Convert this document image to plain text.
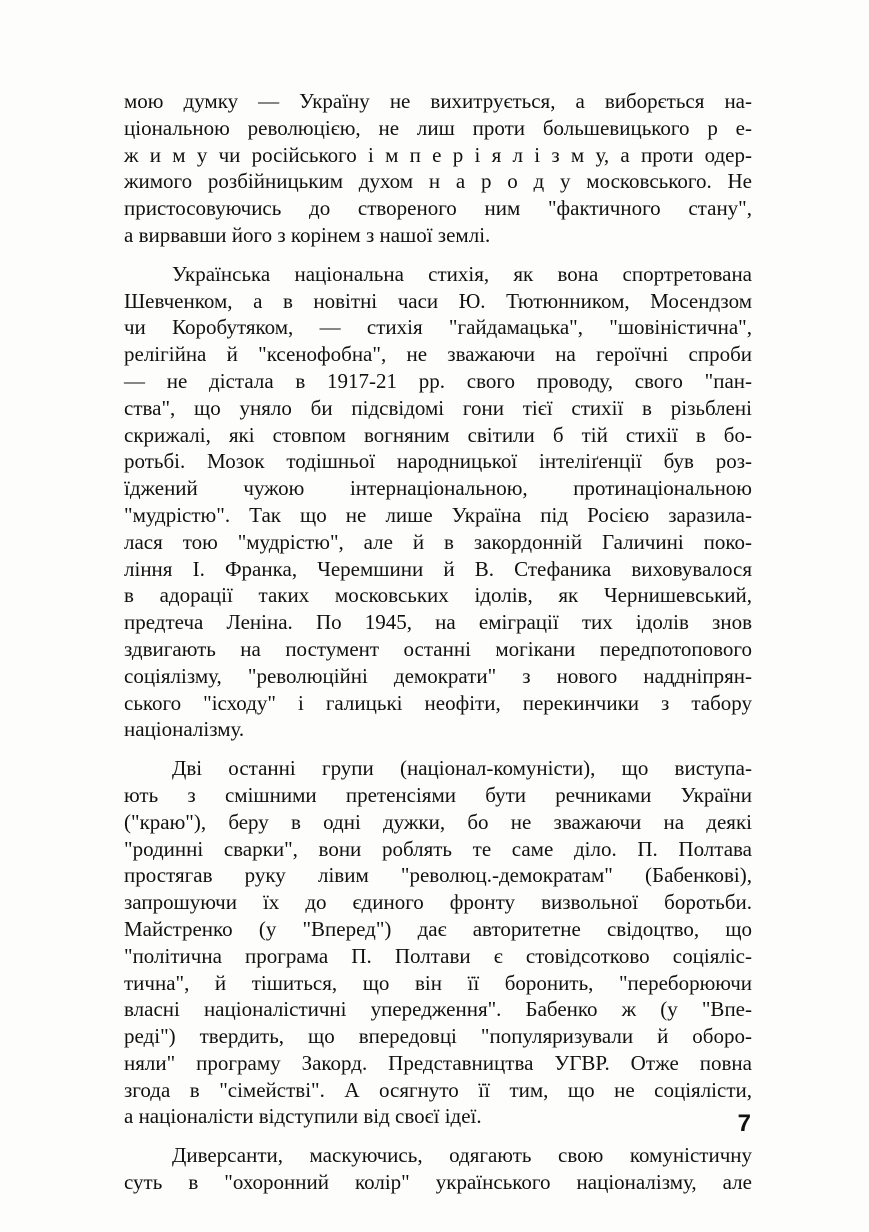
мою думку — Україну не вихитрується, а виборється на-
ціональною революцією, не лиш проти большевицького р е-
ж и м у чи російського і м п е р і я л і з м у, а проти одер-
жимого розбійницьким духом н а р о д у московського. Не
пристосовуючись до створеного ним "фактичного стану",
а вирвавши його з корінем з нашої землі.

Українська національна стихія, як вона спортретована
Шевченком, а в новітні часи Ю. Тютюнником, Мосендзом
чи Коробутяком, — стихія "гайдамацька", "шовіністична",
релігійна й "ксенофобна", не зважаючи на героїчні спроби
— не дістала в 1917-21 рр. свого проводу, свого "пан-
ства", що уняло би підсвідомі гони тієї стихії в різьблені
скрижалі, які стовпом вогняним світили б тій стихії в бо-
ротьбі. Мозок тодішньої народницької інтеліґенції був роз-
їджений чужою інтернаціональною, протинаціональною
"мудрістю". Так що не лише Україна під Росією заразила-
лася тою "мудрістю", але й в закордонній Галичині поко-
ління І. Франка, Черемшини й В. Стефаника виховувалося
в адорації таких московських ідолів, як Чернишевський,
предтеча Леніна. По 1945, на еміграції тих ідолів знов
здвигають на постумент останні могікани передпотопового
соціялізму, "революційні демократи" з нового наддніпрян-
ського "ісходу" і галицькі неофіти, перекинчики з табору
націоналізму.

Дві останні групи (націонал-комуністи), що виступа-
ють з смішними претенсіями бути речниками України
("краю"), беру в одні дужки, бо не зважаючи на деякі
"родинні сварки", вони роблять те саме діло. П. Полтава
простягав руку лівим "революц.-демократам" (Бабенкові),
запрошуючи їх до єдиного фронту визвольної боротьби.
Майстренко (у "Вперед") дає авторитетне свідоцтво, що
"політична програма П. Полтави є стовідсотково соціяліс-
тична", й тішиться, що він її боронить, "переборюючи
власні націоналістичні упередження". Бабенко ж (у "Впе-
реді") твердить, що впередовці "популяризували й оборо-
няли" програму Закорд. Представництва УГВР. Отже повна
згода в "сімействі". А осягнуто її тим, що не соціялісти,
а націоналісти відступили від своєї ідеї.

Диверсанти, маскуючись, одягають свою комуністичну
суть в "охоронний колір" українського націоналізму, але

7
